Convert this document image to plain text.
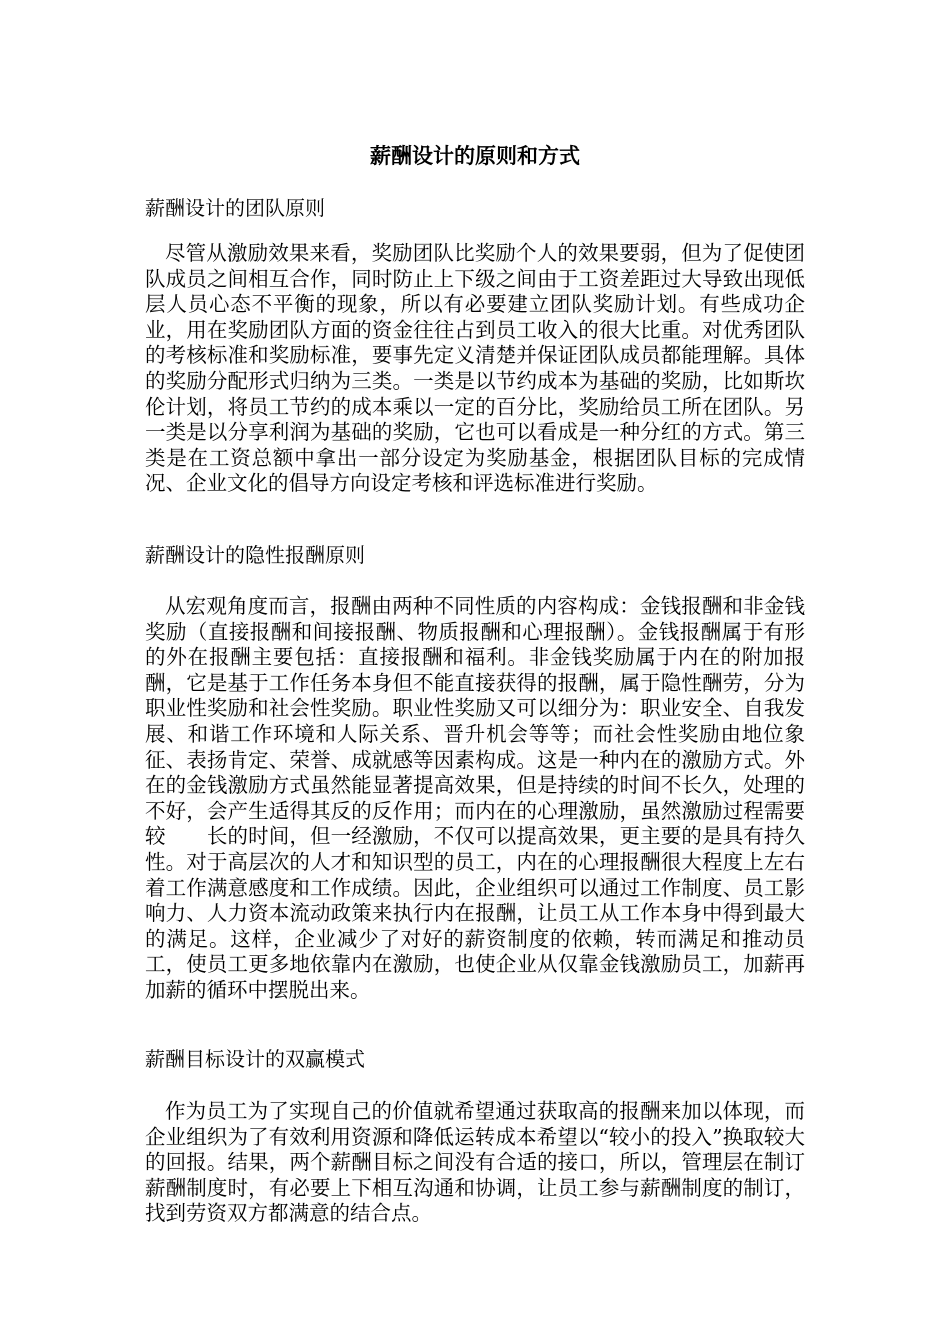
薪酬设计的原则和方式
薪酬设计的团队原则

尽管从激励效果来看，奖励团队比奖励个人的效果要弱，但为了促使团队成员之间相互合作，同时防止上下级之间由于工资差距过大导致出现低层人员心态不平衡的现象，所以有必要建立团队奖励计划。有些成功企业，用在奖励团队方面的资金往往占到员工收入的很大比重。对优秀团队的考核标准和奖励标准，要事先定义清楚并保证团队成员都能理解。具体的奖励分配形式归纳为三类。一类是以节约成本为基础的奖励，比如斯坎伦计划，将员工节约的成本乘以一定的百分比，奖励给员工所在团队。另一类是以分享利润为基础的奖励，它也可以看成是一种分红的方式。第三类是在工资总额中拿出一部分设定为奖励基金，根据团队目标的完成情况、企业文化的倡导方向设定考核和评选标准进行奖励。

薪酬设计的隐性报酬原则

从宏观角度而言，报酬由两种不同性质的内容构成：金钱报酬和非金钱奖励（直接报酬和间接报酬、物质报酬和心理报酬）。金钱报酬属于有形的外在报酬主要包括：直接报酬和福利。非金钱奖励属于内在的附加报酬，它是基于工作任务本身但不能直接获得的报酬，属于隐性酬劳，分为职业性奖励和社会性奖励。职业性奖励又可以细分为：职业安全、自我发展、和谐工作环境和人际关系、晋升机会等等；而社会性奖励由地位象征、表扬肯定、荣誉、成就感等因素构成。这是一种内在的激励方式。外在的金钱激励方式虽然能显著提高效果，但是持续的时间不长久，处理的不好，会产生适得其反的反作用；而内在的心理激励，虽然激励过程需要较　　长的时间，但一经激励，不仅可以提高效果，更主要的是具有持久性。对于高层次的人才和知识型的员工，内在的心理报酬很大程度上左右着工作满意感度和工作成绩。因此，企业组织可以通过工作制度、员工影响力、人力资本流动政策来执行内在报酬，让员工从工作本身中得到最大的满足。这样，企业减少了对好的薪资制度的依赖，转而满足和推动员工，使员工更多地依靠内在激励，也使企业从仅靠金钱激励员工，加薪再加薪的循环中摆脱出来。

薪酬目标设计的双赢模式

作为员工为了实现自己的价值就希望通过获取高的报酬来加以体现，而企业组织为了有效利用资源和降低运转成本希望以“较小的投入”换取较大的回报。结果，两个薪酬目标之间没有合适的接口，所以，管理层在制订薪酬制度时，有必要上下相互沟通和协调，让员工参与薪酬制度的制订，找到劳资双方都满意的结合点。
